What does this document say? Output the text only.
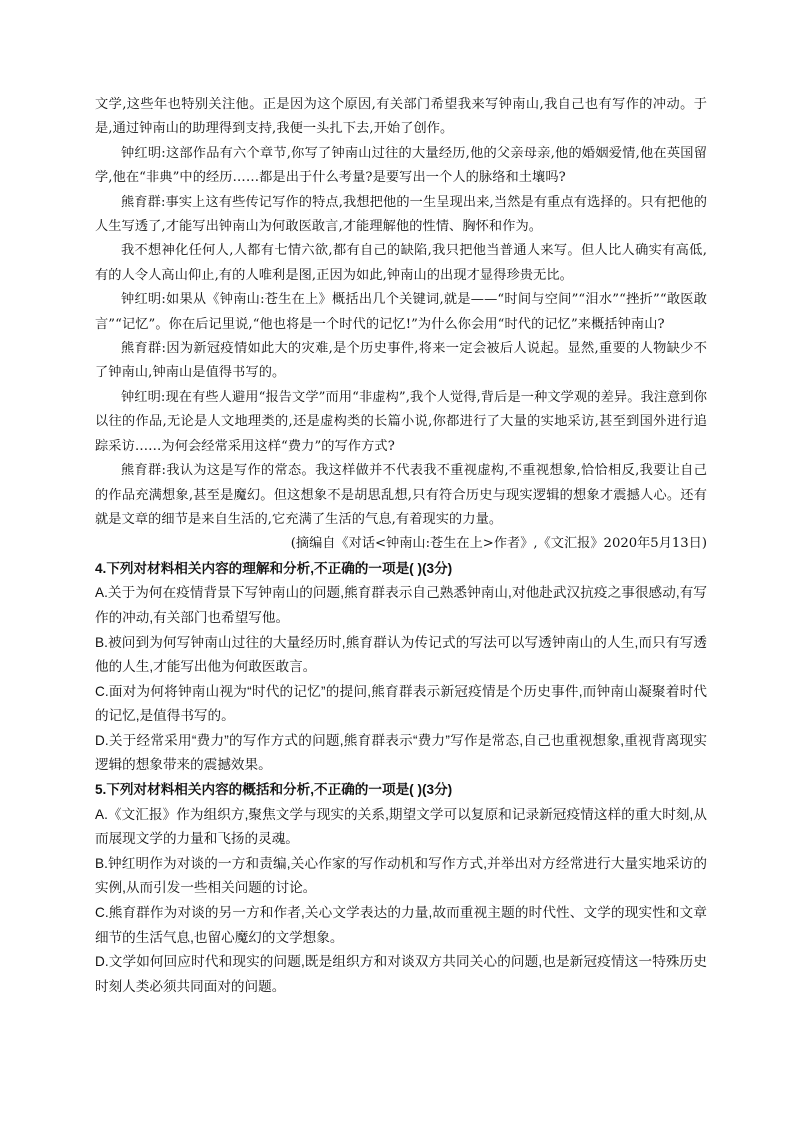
文学,这些年也特别关注他。正是因为这个原因,有关部门希望我来写钟南山,我自己也有写作的冲动。于是,通过钟南山的助理得到支持,我便一头扎下去,开始了创作。

钟红明:这部作品有六个章节,你写了钟南山过往的大量经历,他的父亲母亲,他的婚姻爱情,他在英国留学,他在“非典”中的经历……都是出于什么考量?是要写出一个人的脉络和土壤吗?

熊育群:事实上这有些传记写作的特点,我想把他的一生呈现出来,当然是有重点有选择的。只有把他的人生写透了,才能写出钟南山为何敢医敢言,才能理解他的性情、胸怀和作为。

我不想神化任何人,人都有七情六欲,都有自己的缺陷,我只把他当普通人来写。但人比人确实有高低,有的人令人高山仰止,有的人唯利是图,正因为如此,钟南山的出现才显得珍贵无比。

钟红明:如果从《钟南山:苍生在上》概括出几个关键词,就是——“时间与空间”“泪水”“挫折”“敢医敢言”“记忆”。你在后记里说,“他也将是一个时代的记忆!”为什么你会用“时代的记忆”来概括钟南山?

熊育群:因为新冠疫情如此大的灾难,是个历史事件,将来一定会被后人说起。显然,重要的人物缺少不了钟南山,钟南山是值得书写的。

钟红明:现在有些人避用“报告文学”而用“非虚构”,我个人觉得,背后是一种文学观的差异。我注意到你以往的作品,无论是人文地理类的,还是虚构类的长篇小说,你都进行了大量的实地采访,甚至到国外进行追踪采访……为何会经常采用这样“费力”的写作方式?

熊育群:我认为这是写作的常态。我这样做并不代表我不重视虚构,不重视想象,恰恰相反,我要让自己的作品充满想象,甚至是魔幻。但这想象不是胡思乱想,只有符合历史与现实逻辑的想象才震撼人心。还有就是文章的细节是来自生活的,它充满了生活的气息,有着现实的力量。

(摘编自《对话<钟南山:苍生在上>作者》,《文汇报》2020年5月13日)

4.下列对材料相关内容的理解和分析,不正确的一项是( )(3分)

A.关于为何在疫情背景下写钟南山的问题,熊育群表示自己熟悉钟南山,对他赴武汉抗疫之事很感动,有写作的冲动,有关部门也希望写他。

B.被问到为何写钟南山过往的大量经历时,熊育群认为传记式的写法可以写透钟南山的人生,而只有写透他的人生,才能写出他为何敢医敢言。

C.面对为何将钟南山视为“时代的记忆”的提问,熊育群表示新冠疫情是个历史事件,而钟南山凝聚着时代的记忆,是值得书写的。

D.关于经常采用“费力”的写作方式的问题,熊育群表示“费力”写作是常态,自己也重视想象,重视背离现实逻辑的想象带来的震撼效果。

5.下列对材料相关内容的概括和分析,不正确的一项是( )(3分)

A.《文汇报》作为组织方,聚焦文学与现实的关系,期望文学可以复原和记录新冠疫情这样的重大时刻,从而展现文学的力量和飞扬的灵魂。

B.钟红明作为对谈的一方和责编,关心作家的写作动机和写作方式,并举出对方经常进行大量实地采访的实例,从而引发一些相关问题的讨论。

C.熊育群作为对谈的另一方和作者,关心文学表达的力量,故而重视主题的时代性、文学的现实性和文章细节的生活气息,也留心魔幻的文学想象。

D.文学如何回应时代和现实的问题,既是组织方和对谈双方共同关心的问题,也是新冠疫情这一特殊历史时刻人类必须共同面对的问题。
